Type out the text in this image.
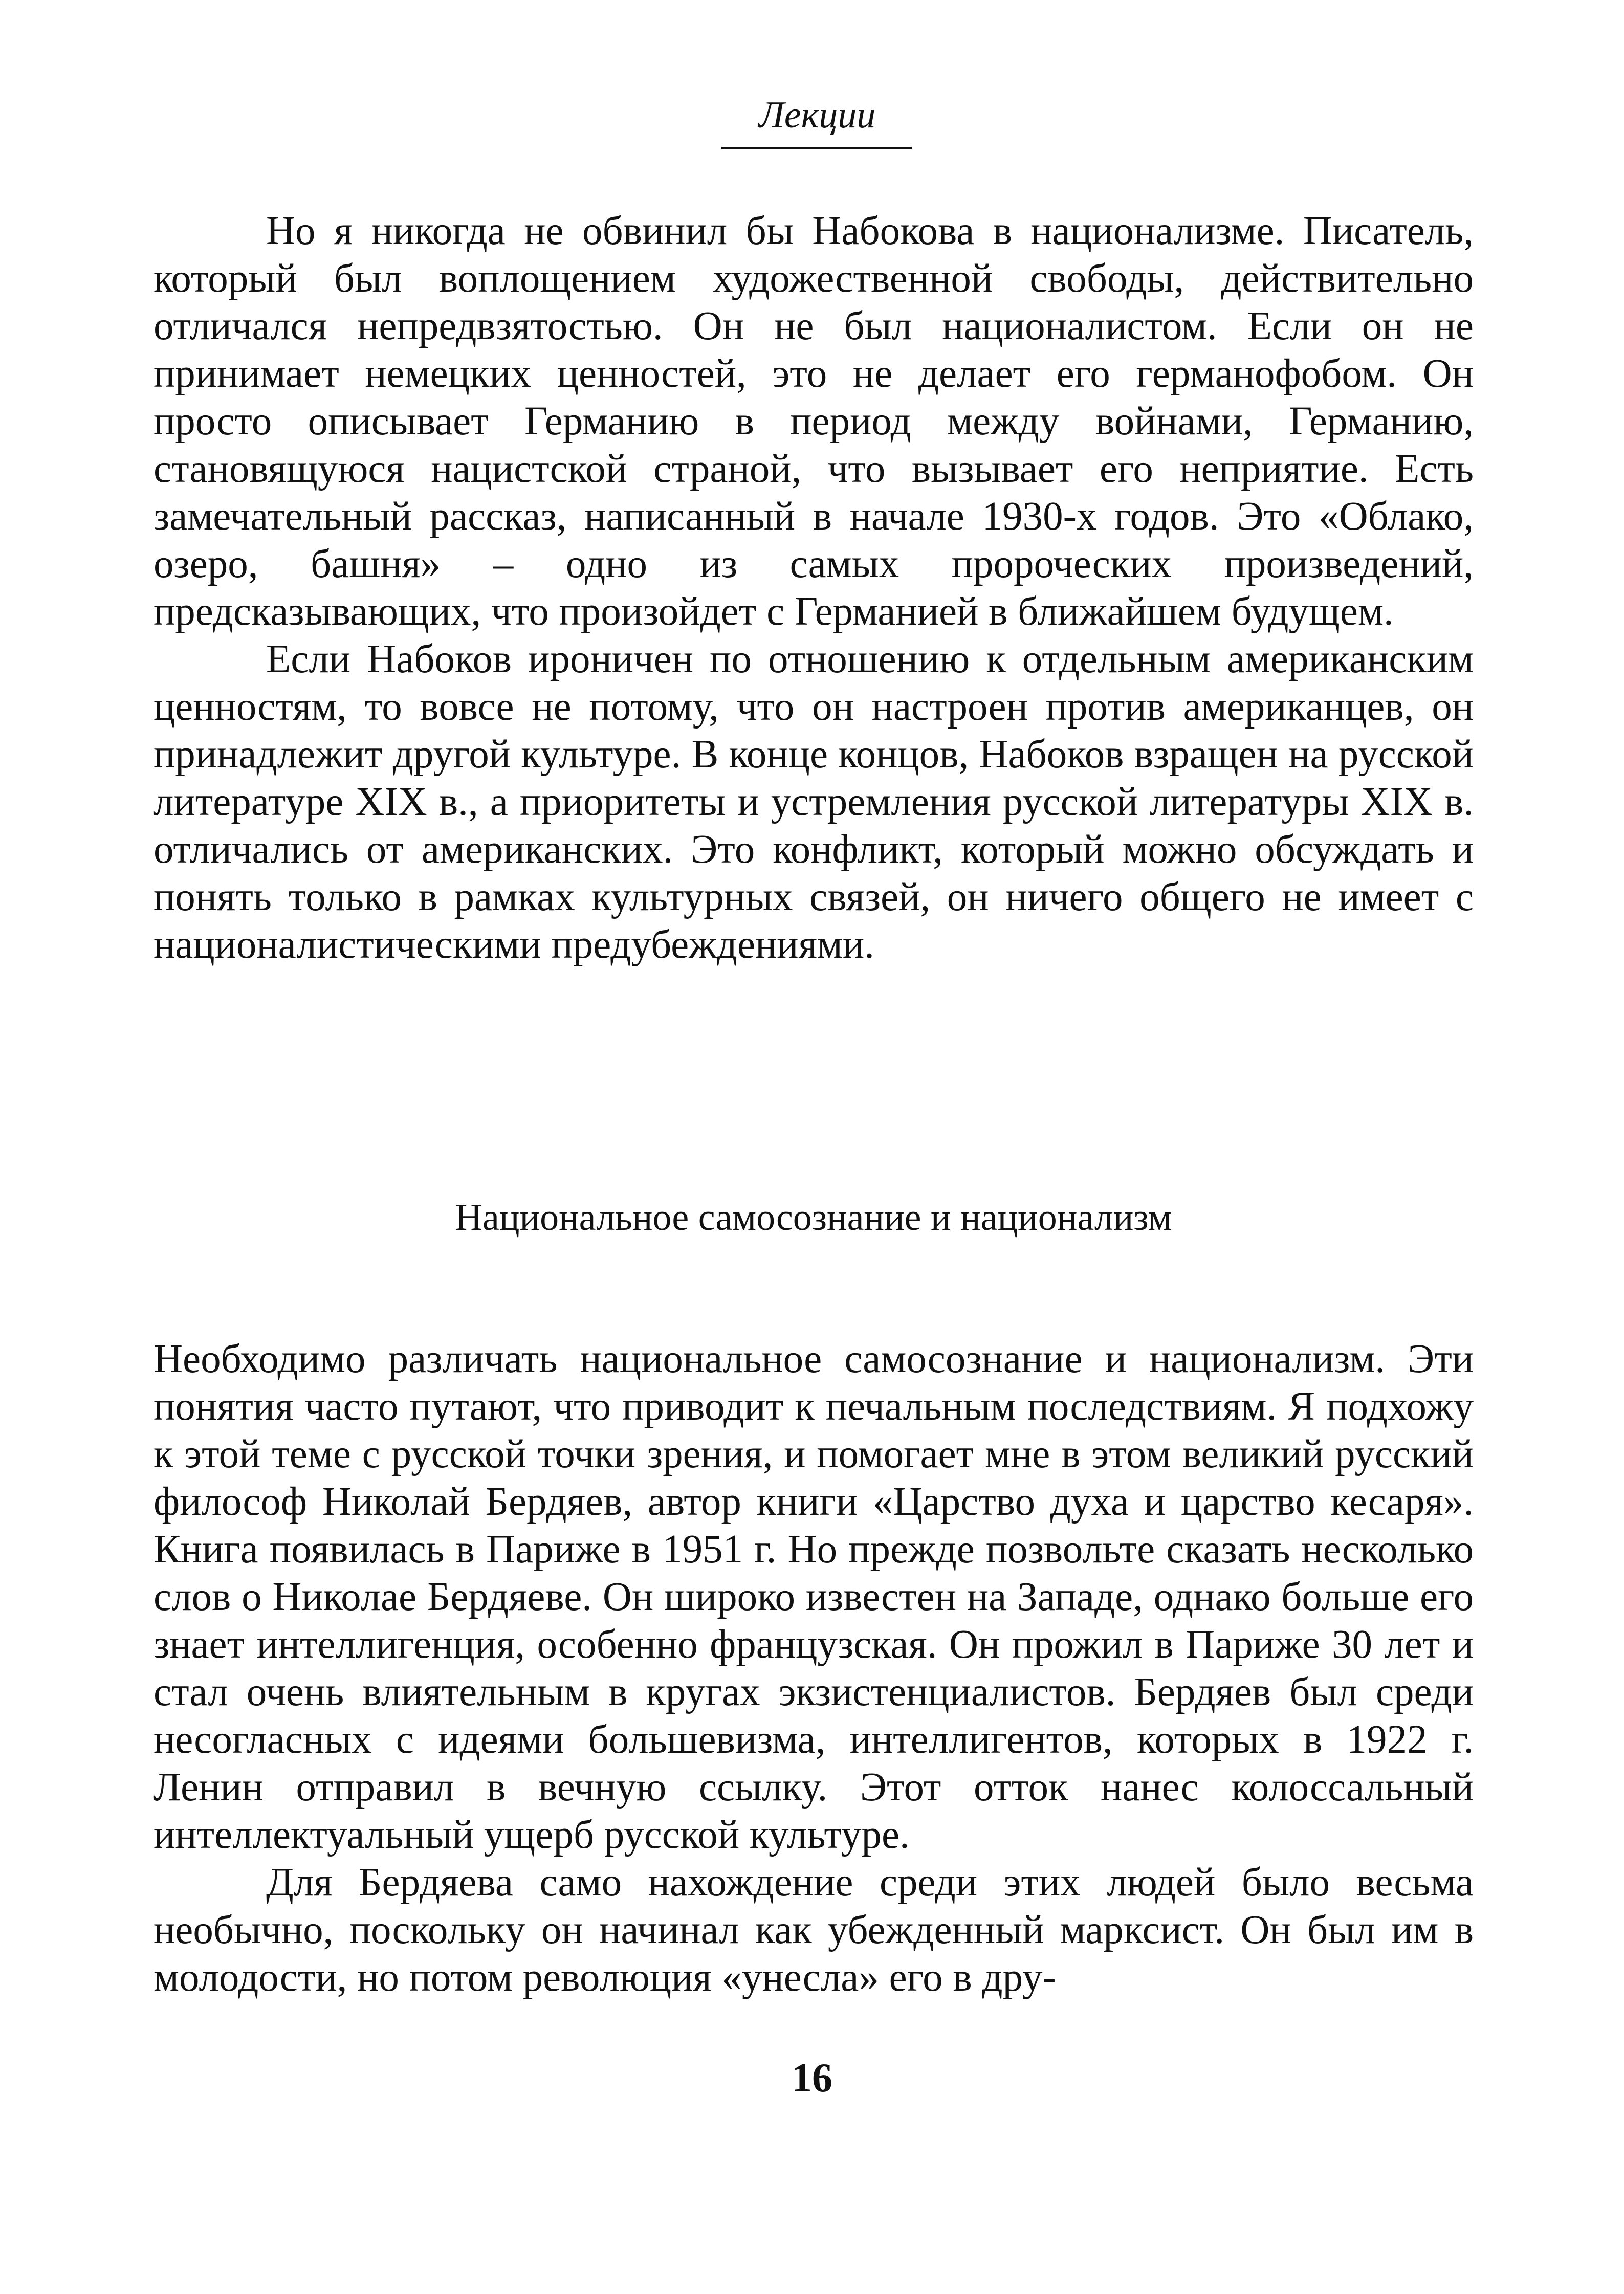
Лекции

Но я никогда не обвинил бы Набокова в национализме. Писатель, который был воплощением художественной свободы, действительно отличался непредвзятостью. Он не был националистом. Если он не принимает немецких ценностей, это не делает его германофобом. Он просто описывает Германию в период между войнами, Германию, становящуюся нацистской страной, что вызывает его неприятие. Есть замечательный рассказ, написанный в начале 1930-х годов. Это «Облако, озеро, башня» – одно из самых пророческих произведений, предсказывающих, что произойдет с Германией в ближайшем будущем.

Если Набоков ироничен по отношению к отдельным американским ценностям, то вовсе не потому, что он настроен против американцев, он принадлежит другой культуре. В конце концов, Набоков взращен на русской литературе XIX в., а приоритеты и устремления русской литературы XIX в. отличались от американских. Это конфликт, который можно обсуждать и понять только в рамках культурных связей, он ничего общего не имеет с националистическими предубеждениями.

Национальное самосознание и национализм

Необходимо различать национальное самосознание и национализм. Эти понятия часто путают, что приводит к печальным последствиям. Я подхожу к этой теме с русской точки зрения, и помогает мне в этом великий русский философ Николай Бердяев, автор книги «Царство духа и царство кесаря». Книга появилась в Париже в 1951 г. Но прежде позвольте сказать несколько слов о Николае Бердяеве. Он широко известен на Западе, однако больше его знает интеллигенция, особенно французская. Он прожил в Париже 30 лет и стал очень влиятельным в кругах экзистенциалистов. Бердяев был среди несогласных с идеями большевизма, интеллигентов, которых в 1922 г. Ленин отправил в вечную ссылку. Этот отток нанес колоссальный интеллектуальный ущерб русской культуре.

Для Бердяева само нахождение среди этих людей было весьма необычно, поскольку он начинал как убежденный марксист. Он был им в молодости, но потом революция «унесла» его в дру-

16
